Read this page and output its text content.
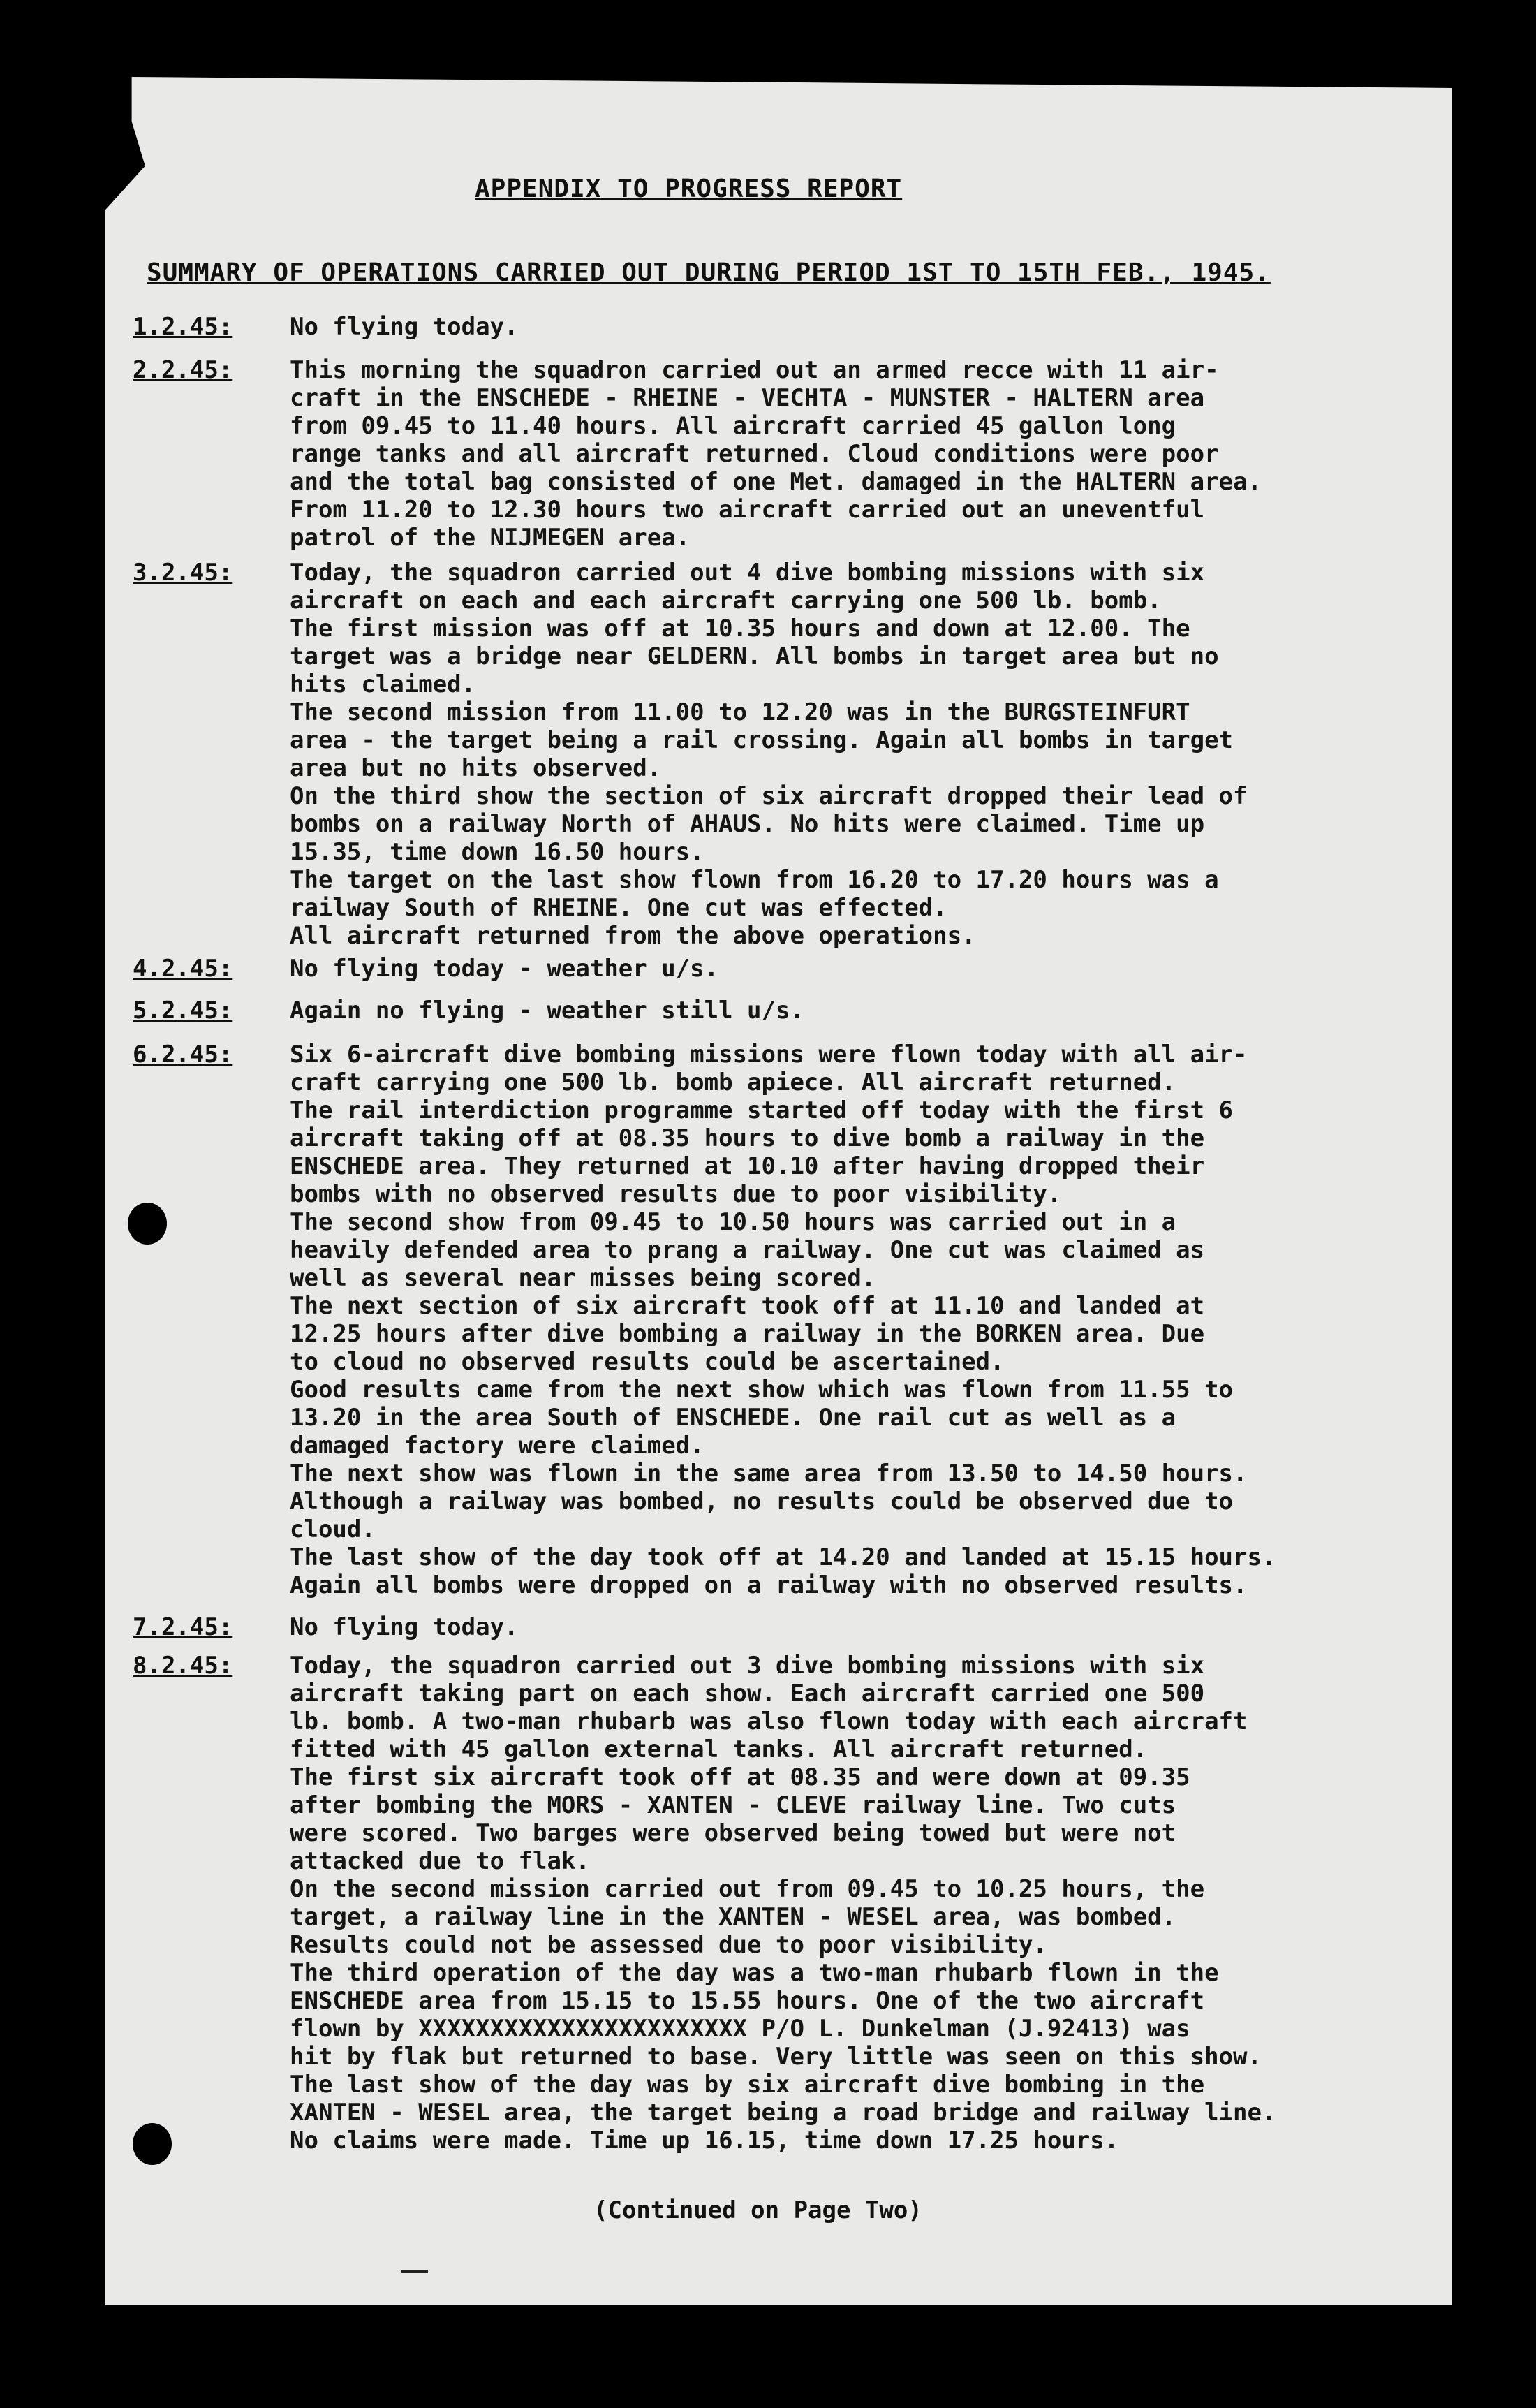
APPENDIX TO PROGRESS REPORT
SUMMARY OF OPERATIONS CARRIED OUT DURING PERIOD 1ST TO 15TH FEB., 1945.
1.2.45:	No flying today.
2.2.45:	This morning the squadron carried out an armed recce with 11 air-
craft in the ENSCHEDE - RHEINE - VECHTA - MUNSTER - HALTERN area
from 09.45 to 11.40 hours. All aircraft carried 45 gallon long
range tanks and all aircraft returned. Cloud conditions were poor
and the total bag consisted of one Met. damaged in the HALTERN area.
From 11.20 to 12.30 hours two aircraft carried out an uneventful
patrol of the NIJMEGEN area.
3.2.45:	Today, the squadron carried out 4 dive bombing missions with six
aircraft on each and each aircraft carrying one 500 lb. bomb.
The first mission was off at 10.35 hours and down at 12.00. The
target was a bridge near GELDERN. All bombs in target area but no
hits claimed.
The second mission from 11.00 to 12.20 was in the BURGSTEINFURT
area - the target being a rail crossing. Again all bombs in target
area but no hits observed.
On the third show the section of six aircraft dropped their lead of
bombs on a railway North of AHAUS. No hits were claimed. Time up
15.35, time down 16.50 hours.
The target on the last show flown from 16.20 to 17.20 hours was a
railway South of RHEINE. One cut was effected.
All aircraft returned from the above operations.
4.2.45:	No flying today - weather u/s.
5.2.45:	Again no flying - weather still u/s.
6.2.45:	Six 6-aircraft dive bombing missions were flown today with all air-
craft carrying one 500 lb. bomb apiece. All aircraft returned.
The rail interdiction programme started off today with the first 6
aircraft taking off at 08.35 hours to dive bomb a railway in the
ENSCHEDE area. They returned at 10.10 after having dropped their
bombs with no observed results due to poor visibility.
The second show from 09.45 to 10.50 hours was carried out in a
heavily defended area to prang a railway. One cut was claimed as
well as several near misses being scored.
The next section of six aircraft took off at 11.10 and landed at
12.25 hours after dive bombing a railway in the BORKEN area. Due
to cloud no observed results could be ascertained.
Good results came from the next show which was flown from 11.55 to
13.20 in the area South of ENSCHEDE. One rail cut as well as a
damaged factory were claimed.
The next show was flown in the same area from 13.50 to 14.50 hours.
Although a railway was bombed, no results could be observed due to
cloud.
The last show of the day took off at 14.20 and landed at 15.15 hours.
Again all bombs were dropped on a railway with no observed results.
7.2.45:	No flying today.
8.2.45:	Today, the squadron carried out 3 dive bombing missions with six
aircraft taking part on each show. Each aircraft carried one 500
lb. bomb. A two-man rhubarb was also flown today with each aircraft
fitted with 45 gallon external tanks. All aircraft returned.
The first six aircraft took off at 08.35 and were down at 09.35
after bombing the MORS - XANTEN - CLEVE railway line. Two cuts
were scored. Two barges were observed being towed but were not
attacked due to flak.
On the second mission carried out from 09.45 to 10.25 hours, the
target, a railway line in the XANTEN - WESEL area, was bombed.
Results could not be assessed due to poor visibility.
The third operation of the day was a two-man rhubarb flown in the
ENSCHEDE area from 15.15 to 15.55 hours. One of the two aircraft
flown by XXXXXXXXXXXXXXXXXXXXXXX P/O L. Dunkelman (J.92413) was
hit by flak but returned to base. Very little was seen on this show.
The last show of the day was by six aircraft dive bombing in the
XANTEN - WESEL area, the target being a road bridge and railway line.
No claims were made. Time up 16.15, time down 17.25 hours.
(Continued on Page Two)
